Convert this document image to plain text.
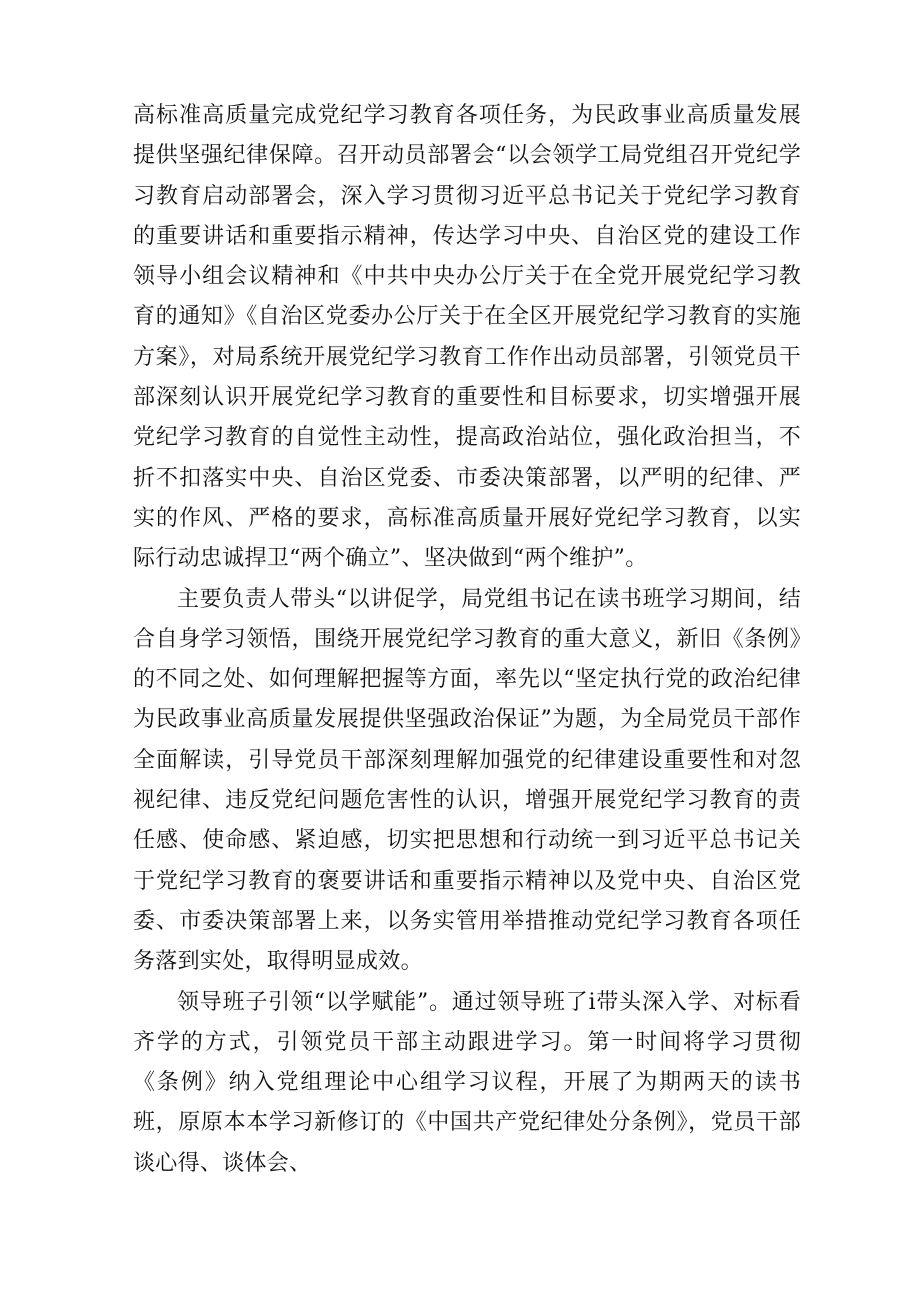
高标准高质量完成党纪学习教育各项任务，为民政事业高质量发展提供坚强纪律保障。召开动员部署会“以会领学工局党组召开党纪学习教育启动部署会，深入学习贯彻习近平总书记关于党纪学习教育的重要讲话和重要指示精神，传达学习中央、自治区党的建设工作领导小组会议精神和《中共中央办公厅关于在全党开展党纪学习教育的通知》《自治区党委办公厅关于在全区开展党纪学习教育的实施方案》，对局系统开展党纪学习教育工作作出动员部署，引领党员干部深刻认识开展党纪学习教育的重要性和目标要求，切实增强开展党纪学习教育的自觉性主动性，提高政治站位，强化政治担当，不折不扣落实中央、自治区党委、市委决策部署，以严明的纪律、严实的作风、严格的要求，高标准高质量开展好党纪学习教育，以实际行动忠诚捍卫“两个确立”、坚决做到“两个维护”。

主要负责人带头“以讲促学，局党组书记在读书班学习期间，结合自身学习领悟，围绕开展党纪学习教育的重大意义，新旧《条例》的不同之处、如何理解把握等方面，率先以“坚定执行党的政治纪律为民政事业高质量发展提供坚强政治保证”为题，为全局党员干部作全面解读，引导党员干部深刻理解加强党的纪律建设重要性和对忽视纪律、违反党纪问题危害性的认识，增强开展党纪学习教育的责任感、使命感、紧迫感，切实把思想和行动统一到习近平总书记关于党纪学习教育的褒要讲话和重要指示精神以及党中央、自治区党委、市委决策部署上来，以务实管用举措推动党纪学习教育各项任务落到实处，取得明显成效。

领导班子引领“以学赋能”。通过领导班了i带头深入学、对标看齐学的方式，引领党员干部主动跟进学习。第一时间将学习贯彻《条例》纳入党组理论中心组学习议程，开展了为期两天的读书班，原原本本学习新修订的《中国共产党纪律处分条例》，党员干部谈心得、谈体会、
